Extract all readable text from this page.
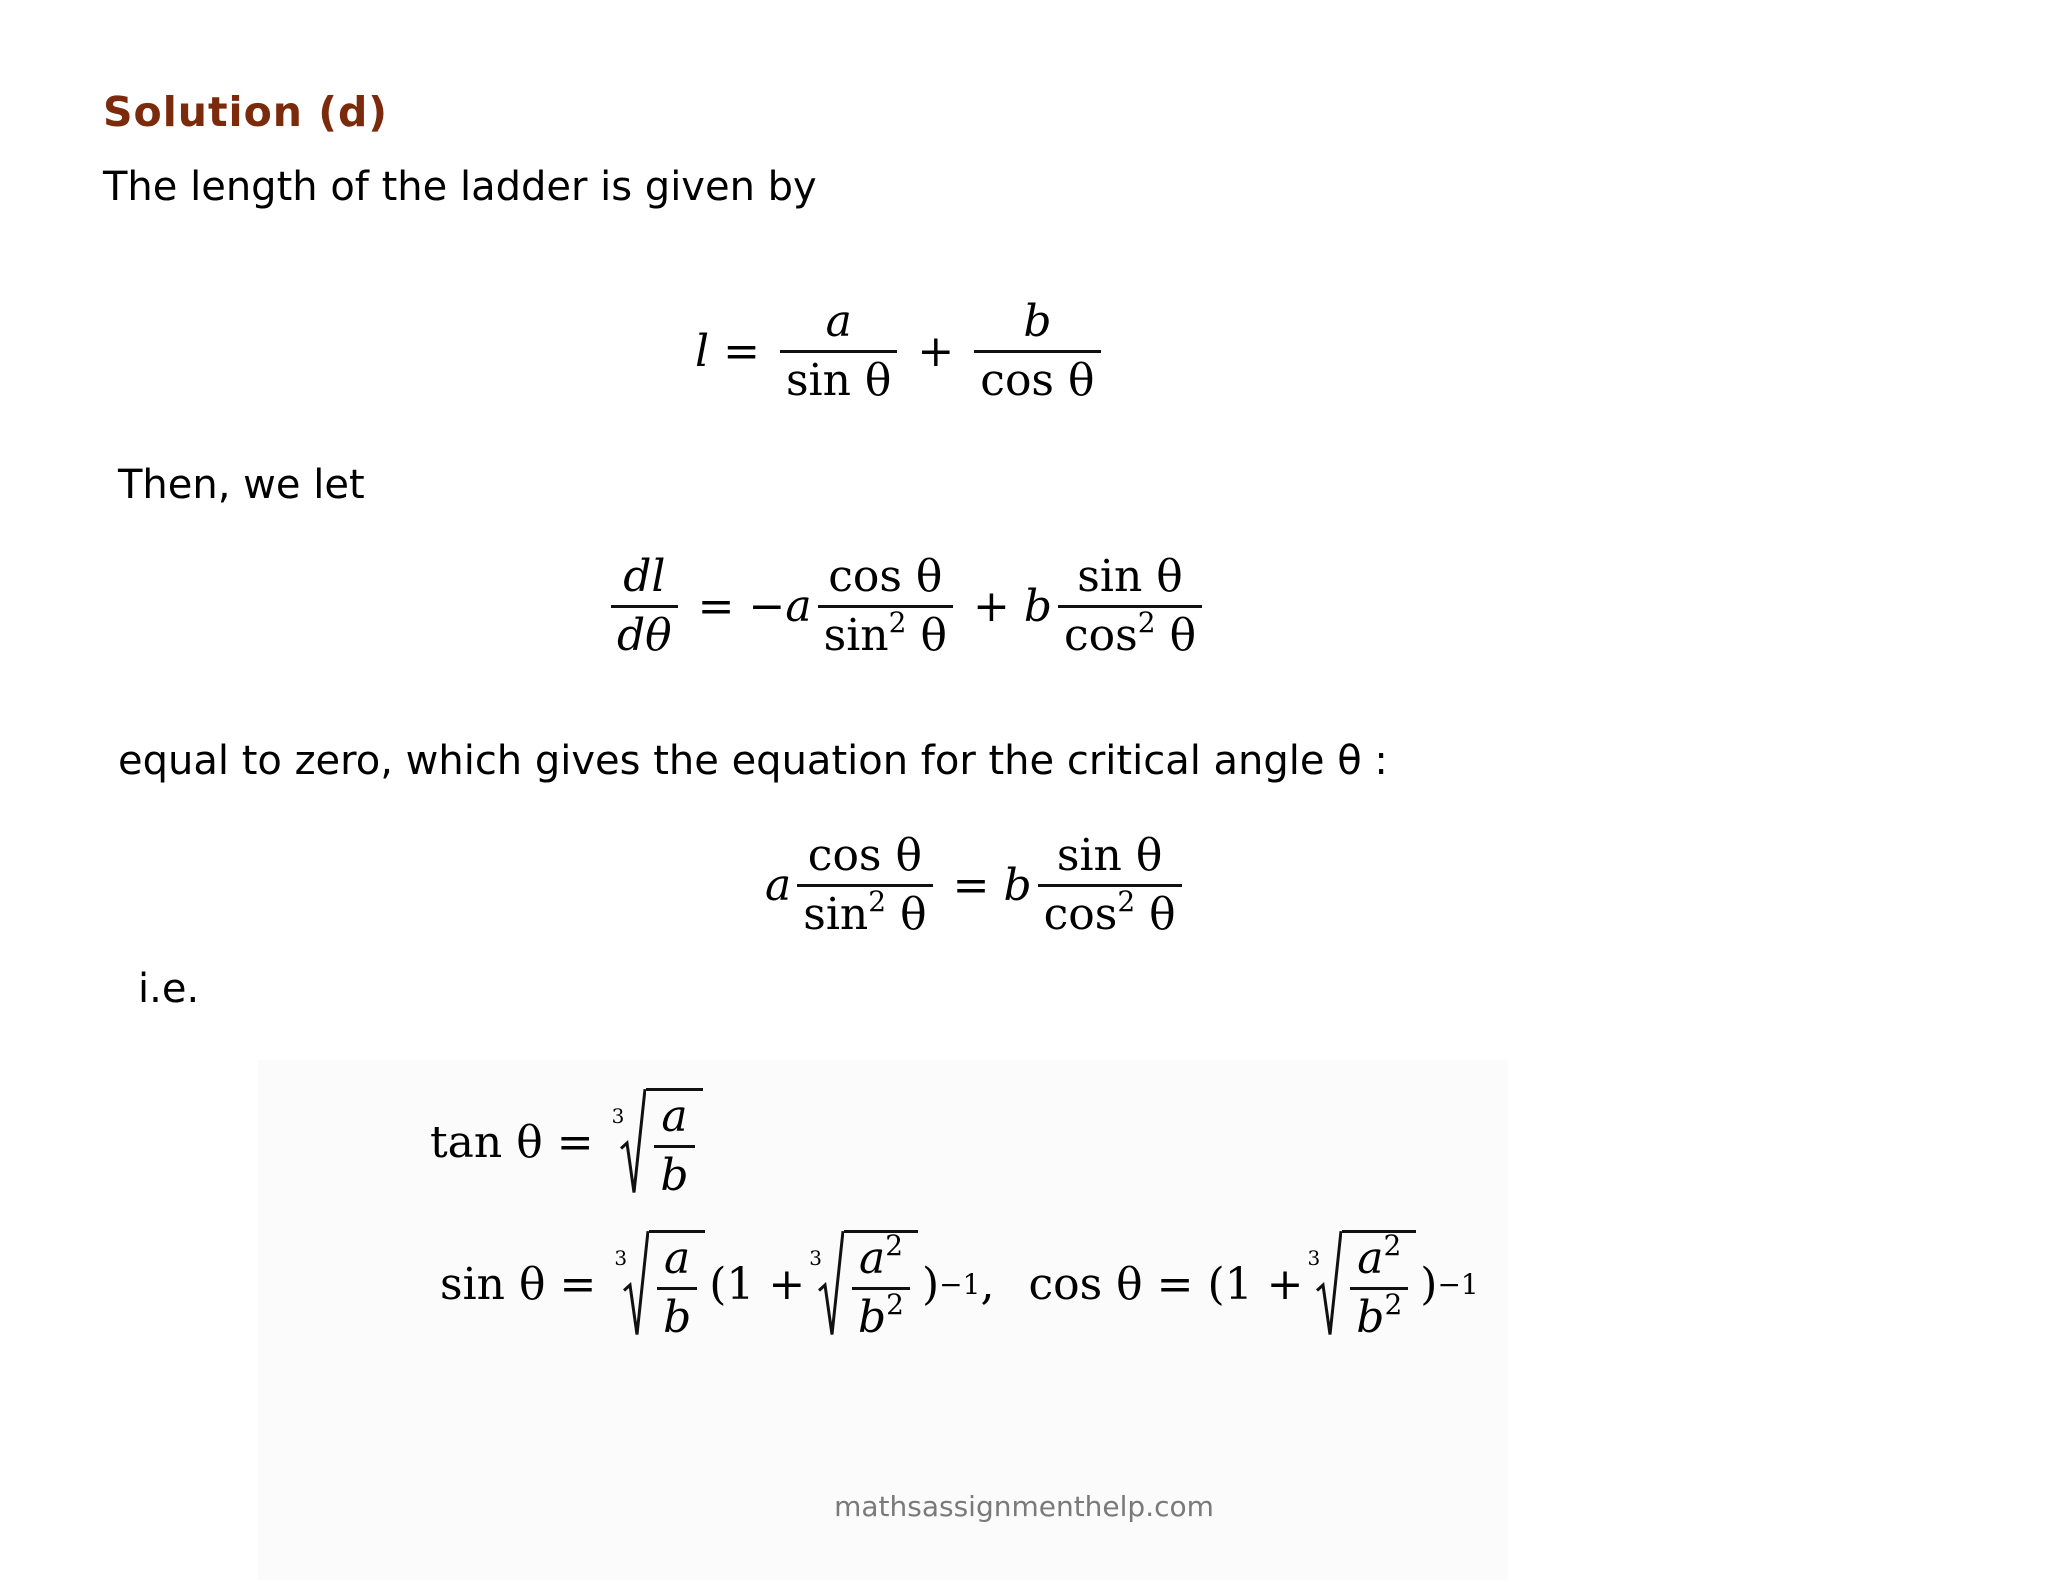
Solution (d)
The length of the ladder is given by
$l = \frac{a}{\text{sin θ}} + \frac{b}{\text{cos θ}}$
Then, we let
$\frac{dl}{d\theta} = -a \frac{\text{cos θ}}{\sin^2 \theta} + b \frac{\text{sin θ}}{\cos^2 \theta}$
equal to zero, which gives the equation for the critical angle θ :
a $\frac{\text{cos θ}}{\sin^2 \theta} = b \frac{\text{sin θ}}{\cos^2 \theta}$
i.e.
tan θ =
$3 \frac{a}{b}$
sin θ =
$3 \frac{a}{b} (1$ +
$3 \frac{a^2}{b^2}$ ) −1 , cos θ = (1 +
$3 \frac{a^2}{b^2}$ ) −1
mathsassignmenthelp.com
